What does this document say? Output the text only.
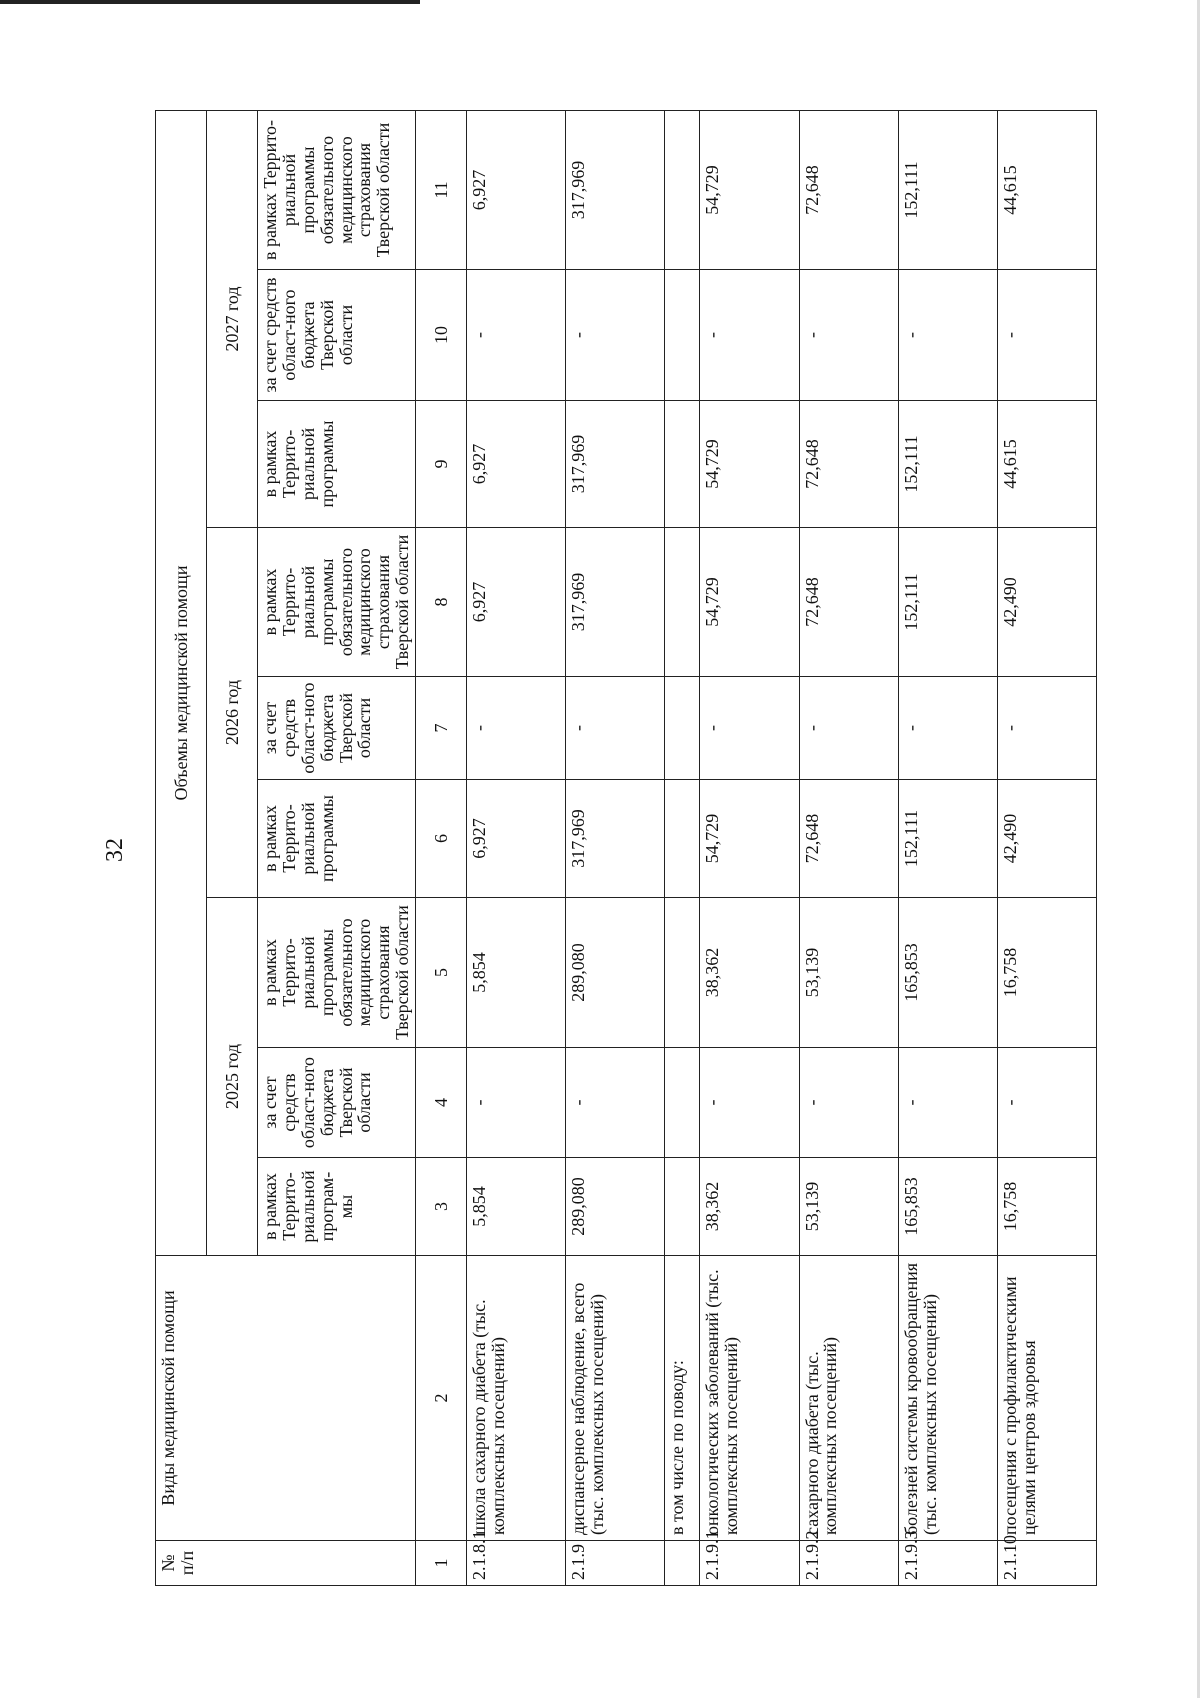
32
№ п/п	Виды медицинской помощи	Объемы медицинской помощи								
		2025 год			2026 год			2027 год		
		в рамках Террито-риальной програм-мы	за счет средств област-ного бюджета Тверской области	в рамках Террито-риальной программы обязательного медицинского страхования Тверской области	в рамках Террито-риальной программы	за счет средств област-ного бюджета Тверской области	в рамках Террито-риальной программы обязательного медицинского страхования Тверской области	в рамках Террито-риальной программы	за счет средств област-ного бюджета Тверской области	в рамках Террито-риальной программы обязательного медицинского страхования Тверской области
1	2	3	4	5	6	7	8	9	10	11
2.1.8.1	школа сахарного диабета (тыс. комплексных посещений)	5,854	-	5,854	6,927	-	6,927	6,927	-	6,927
2.1.9	диспансерное наблюдение, всего (тыс. комплексных посещений)	289,080	-	289,080	317,969	-	317,969	317,969	-	317,969
	в том числе по поводу:									
2.1.9.1	онкологических заболеваний (тыс. комплексных посещений)	38,362	-	38,362	54,729	-	54,729	54,729	-	54,729
2.1.9.2	сахарного диабета (тыс. комплексных посещений)	53,139	-	53,139	72,648	-	72,648	72,648	-	72,648
2.1.9.3	болезней системы кровообращения (тыс. комплексных посещений)	165,853	-	165,853	152,111	-	152,111	152,111	-	152,111
2.1.10	посещения с профилактическими целями центров здоровья	16,758	-	16,758	42,490	-	42,490	44,615	-	44,615
